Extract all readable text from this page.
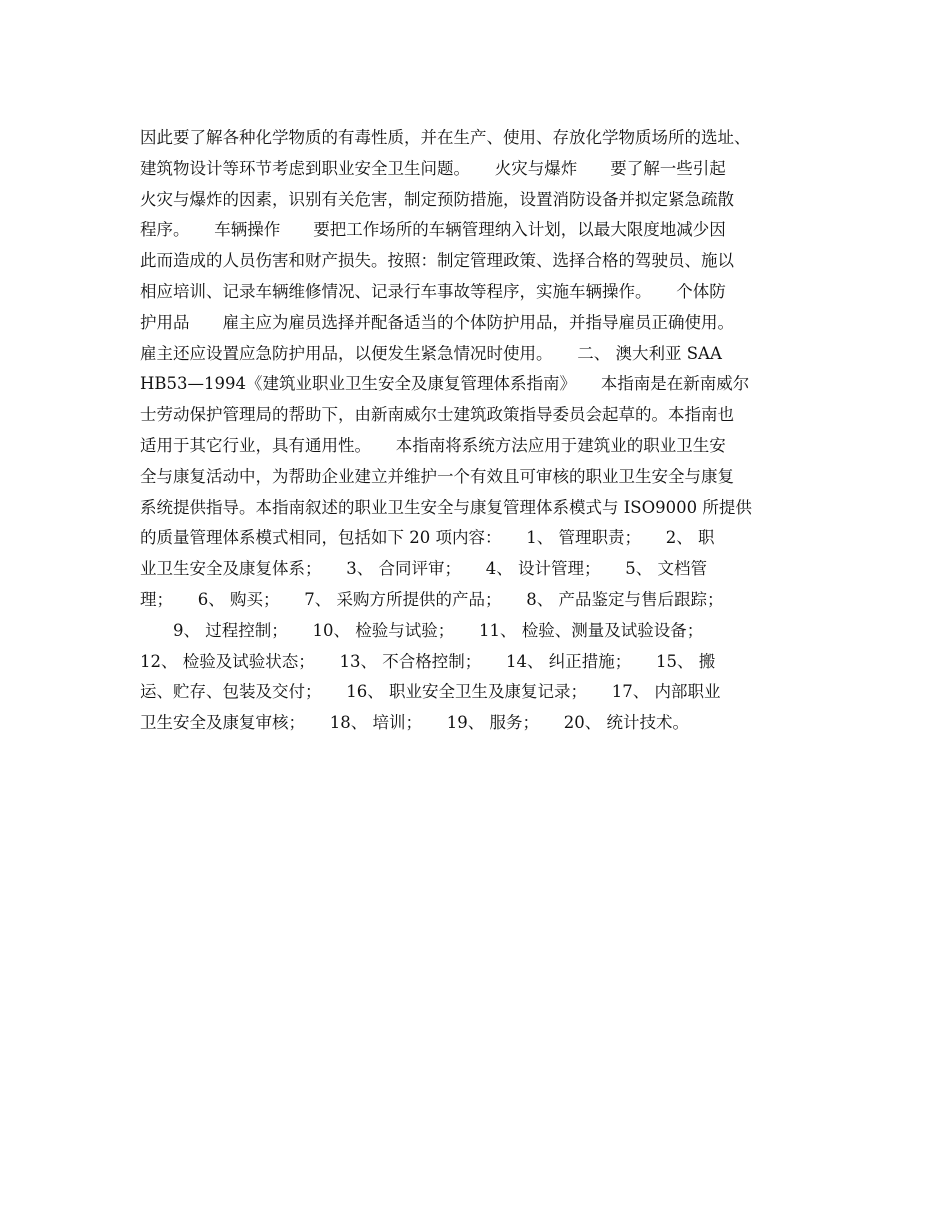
因此要了解各种化学物质的有毒性质，并在生产、使用、存放化学物质场所的选址、
建筑物设计等环节考虑到职业安全卫生问题。　　火灾与爆炸　　要了解一些引起
火灾与爆炸的因素，识别有关危害，制定预防措施，设置消防设备并拟定紧急疏散
程序。　　车辆操作　　要把工作场所的车辆管理纳入计划，以最大限度地减少因
此而造成的人员伤害和财产损失。按照：制定管理政策、选择合格的驾驶员、施以
相应培训、记录车辆维修情况、记录行车事故等程序，实施车辆操作。　　个体防
护用品　　雇主应为雇员选择并配备适当的个体防护用品，并指导雇员正确使用。
雇主还应设置应急防护用品，以便发生紧急情况时使用。　　二、 澳大利亚 SAA
HB53—1994《建筑业职业卫生安全及康复管理体系指南》　　本指南是在新南威尔
士劳动保护管理局的帮助下，由新南威尔士建筑政策指导委员会起草的。本指南也
适用于其它行业，具有通用性。　　本指南将系统方法应用于建筑业的职业卫生安
全与康复活动中，为帮助企业建立并维护一个有效且可审核的职业卫生安全与康复
系统提供指导。本指南叙述的职业卫生安全与康复管理体系模式与 ISO9000 所提供
的质量管理体系模式相同，包括如下 20 项内容：　　1、 管理职责；　　2、 职
业卫生安全及康复体系；　　3、 合同评审；　　4、 设计管理；　　5、 文档管
理；　　6、 购买；　　7、 采购方所提供的产品；　　8、 产品鉴定与售后跟踪；
　　9、 过程控制；　　10、 检验与试验；　　11、 检验、测量及试验设备；
12、 检验及试验状态；　　13、 不合格控制；　　14、 纠正措施；　　15、 搬
运、贮存、包装及交付；　　16、 职业安全卫生及康复记录；　　17、 内部职业
卫生安全及康复审核；　　18、 培训；　　19、 服务；　　20、 统计技术。
